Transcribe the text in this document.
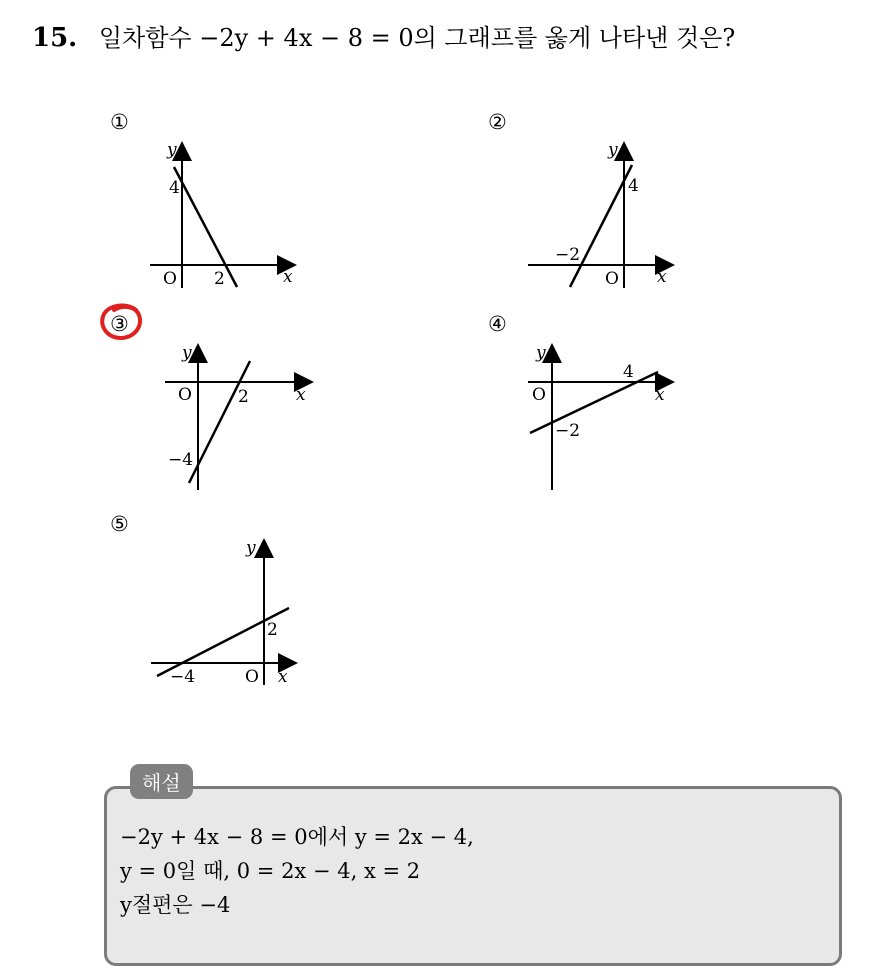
15. 일차함수 −2y + 4x − 8 = 0의 그래프를 옳게 나타낸 것은?
①
y
x
O
4
2
②
y
x
O
4
−2
③
y
x
O	2
−4
④
y
x
O
4
−2
⑤
y
x
O
2
−4
해설
−2y + 4x − 8 = 0에서 y = 2x − 4,
y = 0일 때, 0 = 2x − 4, x = 2
y절편은 −4
